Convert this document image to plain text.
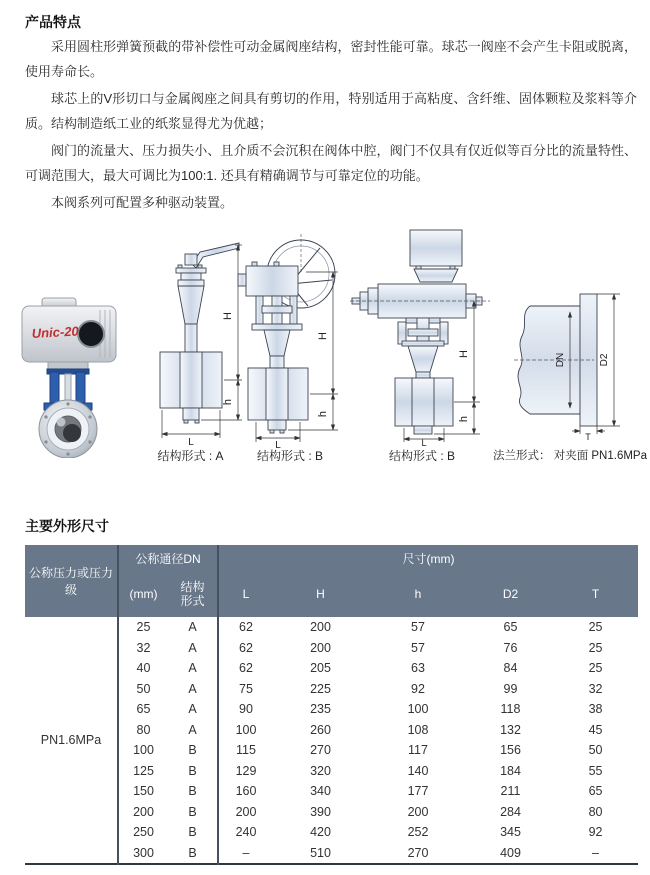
产品特点

采用圆柱形弹簧预截的带补偿性可动金属阀座结构，密封性能可靠。球芯一阀座不会产生卡阻或脱离，使用寿命长。

球芯上的V形切口与金属阀座之间具有剪切的作用，特别适用于高粘度、含纤维、固体颗粒及浆料等介质。结构制造纸工业的纸浆显得尤为优越；

阀门的流量大、压力损失小、且介质不会沉积在阀体中腔，阀门不仅具有仅近似等百分比的流量特性、可调范围大，最大可调比为100:1. 还具有精确调节与可靠定位的功能。

本阀系列可配置多种驱动装置。

Unic-20
H
h
L
H
h
L
H
h
L
DN	D2
T
结构形式 : A	结构形式 : B	结构形式 : B	法兰形式： 对夹面 PN1.6MPa
主要外形尺寸
公称压力或压力级	公称通径DN		尺寸(mm)				
	(mm)	结构形式	L	H	h	D2	T
PN1.6MPa	25	A	62	200	57	65	25
	32	A	62	200	57	76	25
	40	A	62	205	63	84	25
	50	A	75	225	92	99	32
	65	A	90	235	100	118	38
	80	A	100	260	108	132	45
	100	B	115	270	117	156	50
	125	B	129	320	140	184	55
	150	B	160	340	177	211	65
	200	B	200	390	200	284	80
	250	B	240	420	252	345	92
	300	B	–	510	270	409	–
